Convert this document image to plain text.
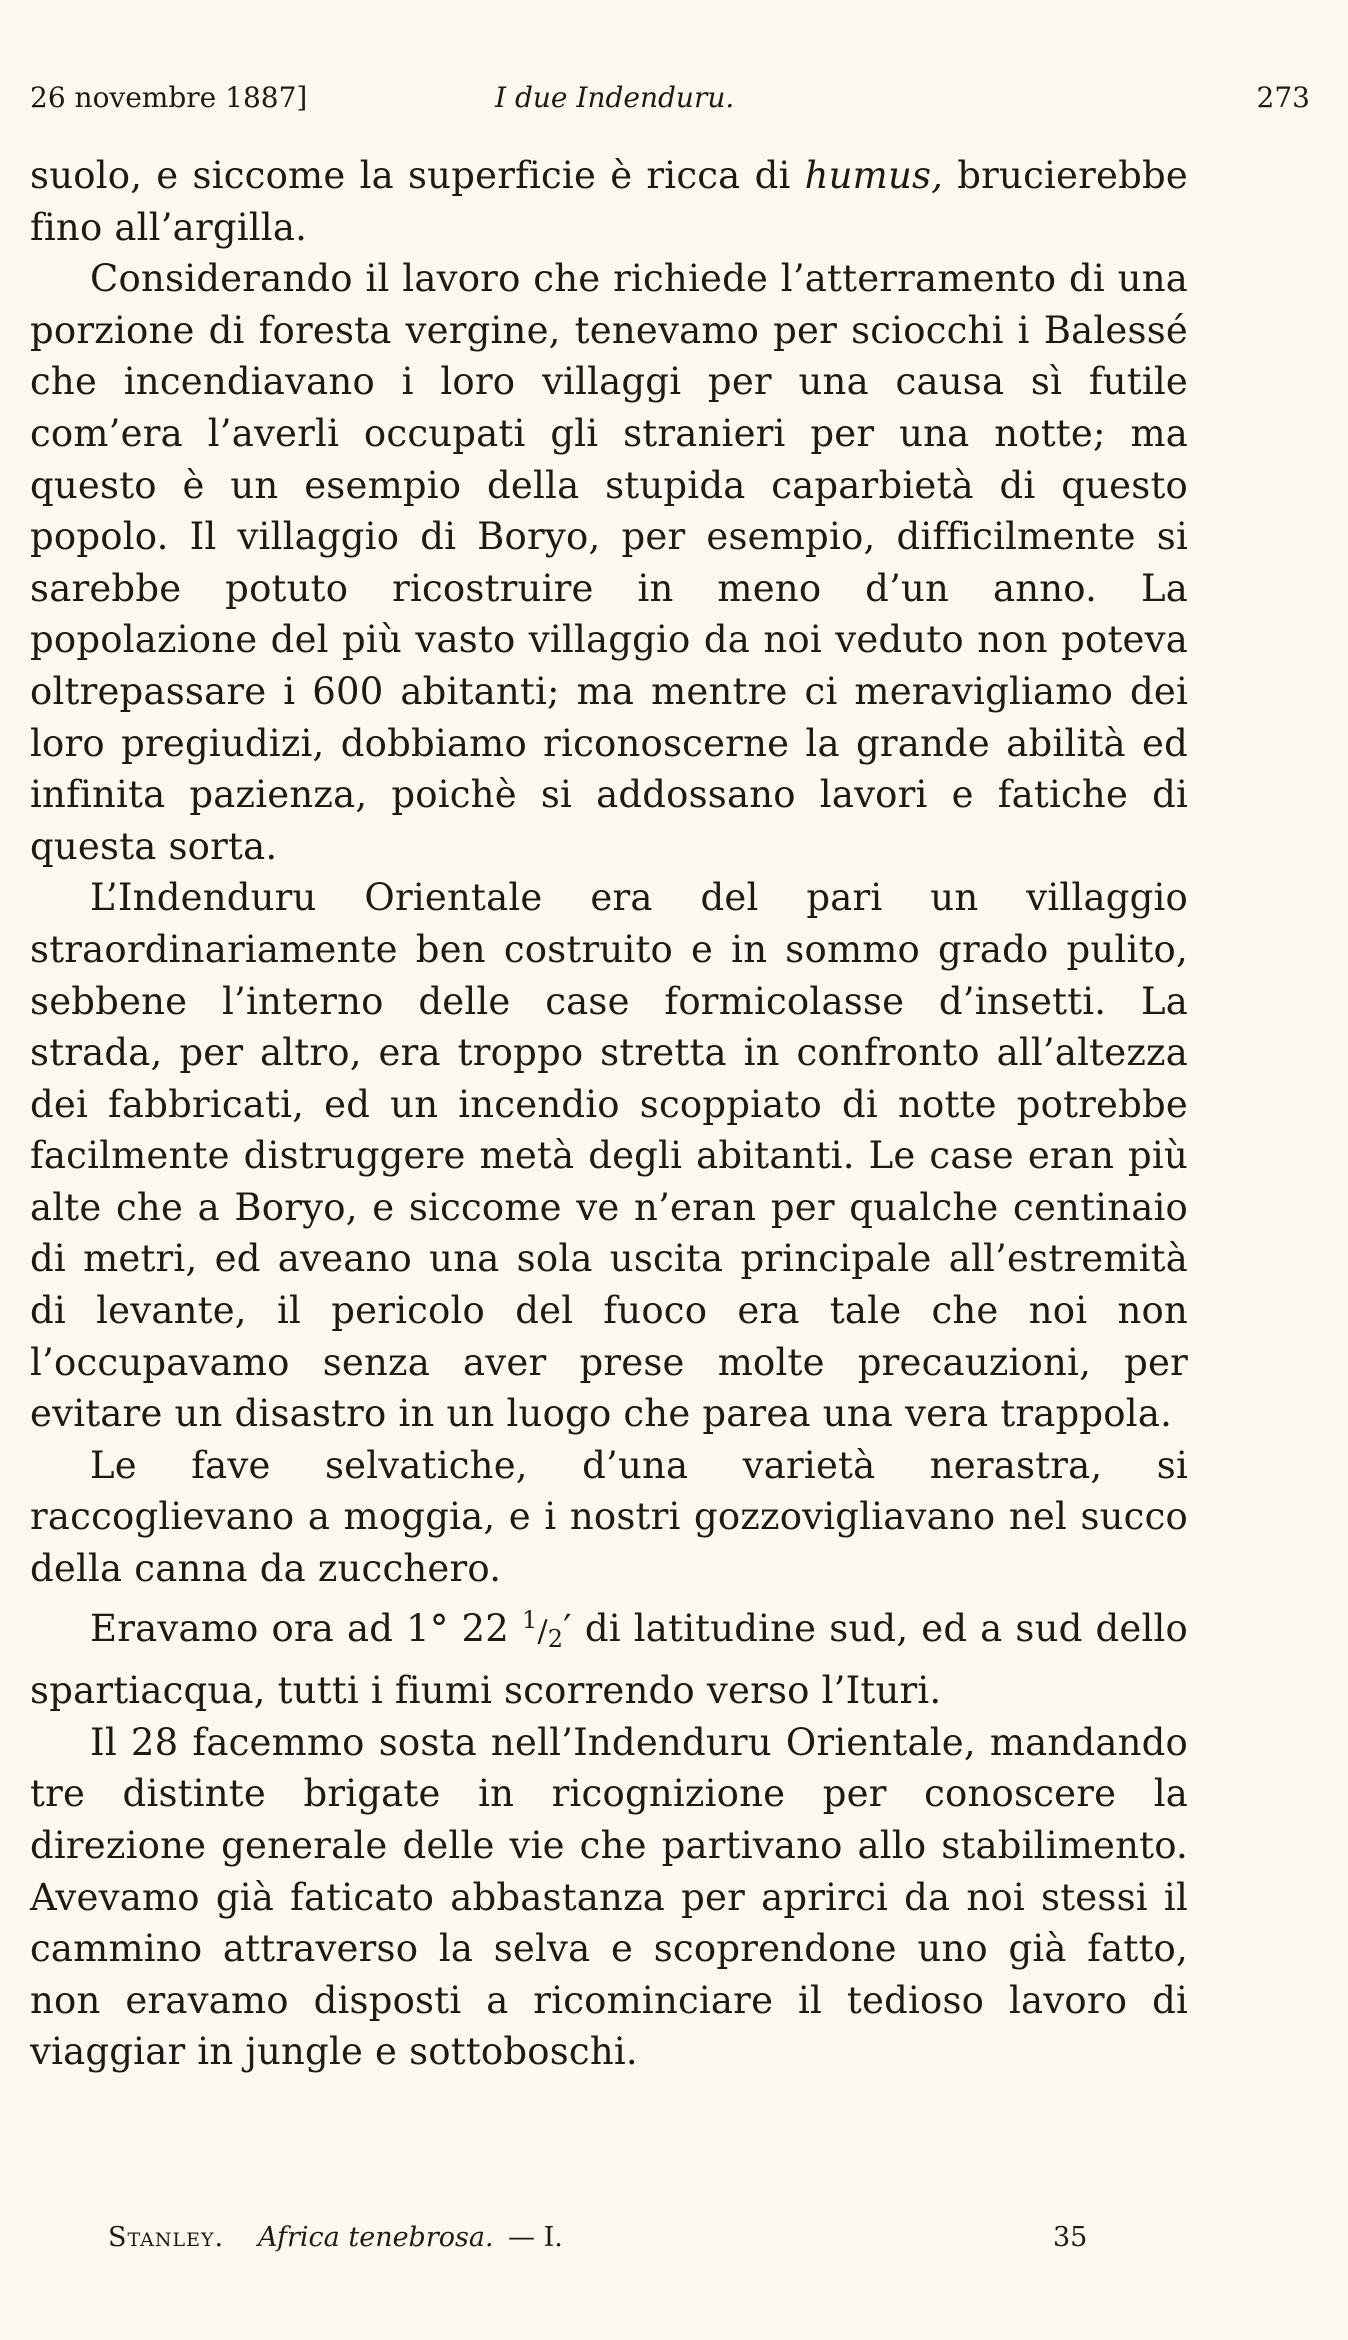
26 novembre 1887]	I due Indenduru.	273

suolo, e siccome la superficie è ricca di humus, brucierebbe fino all’argilla.

Considerando il lavoro che richiede l’atterramento di una porzione di foresta vergine, tenevamo per sciocchi i Balessé che incendiavano i loro villaggi per una causa sì futile com’era l’averli occupati gli stranieri per una notte; ma questo è un esempio della stupida caparbietà di questo popolo. Il villaggio di Boryo, per esempio, difficilmente si sarebbe potuto ricostruire in meno d’un anno. La popolazione del più vasto villaggio da noi veduto non poteva oltrepassare i 600 abitanti; ma mentre ci meravigliamo dei loro pregiudizi, dobbiamo riconoscerne la grande abilità ed infinita pazienza, poichè si addossano lavori e fatiche di questa sorta.

L’Indenduru Orientale era del pari un villaggio straordinariamente ben costruito e in sommo grado pulito, sebbene l’interno delle case formicolasse d’insetti. La strada, per altro, era troppo stretta in confronto all’altezza dei fabbricati, ed un incendio scoppiato di notte potrebbe facilmente distruggere metà degli abitanti. Le case eran più alte che a Boryo, e siccome ve n’eran per qualche centinaio di metri, ed aveano una sola uscita principale all’estremità di levante, il pericolo del fuoco era tale che noi non l’occupavamo senza aver prese molte precauzioni, per evitare un disastro in un luogo che parea una vera trappola.

Le fave selvatiche, d’una varietà nerastra, si raccoglievano a moggia, e i nostri gozzovigliavano nel succo della canna da zucchero.

Eravamo ora ad 1° 22 $^1/_2'$ di latitudine sud, ed a sud dello spartiacqua, tutti i fiumi scorrendo verso l’Ituri.

Il 28 facemmo sosta nell’Indenduru Orientale, mandando tre distinte brigate in ricognizione per conoscere la direzione generale delle vie che partivano allo stabilimento. Avevamo già faticato abbastanza per aprirci da noi stessi il cammino attraverso la selva e scoprendone uno già fatto, non eravamo disposti a ricominciare il tedioso lavoro di viaggiar in jungle e sottoboschi.

Stanley. Africa tenebrosa. — I.	35
